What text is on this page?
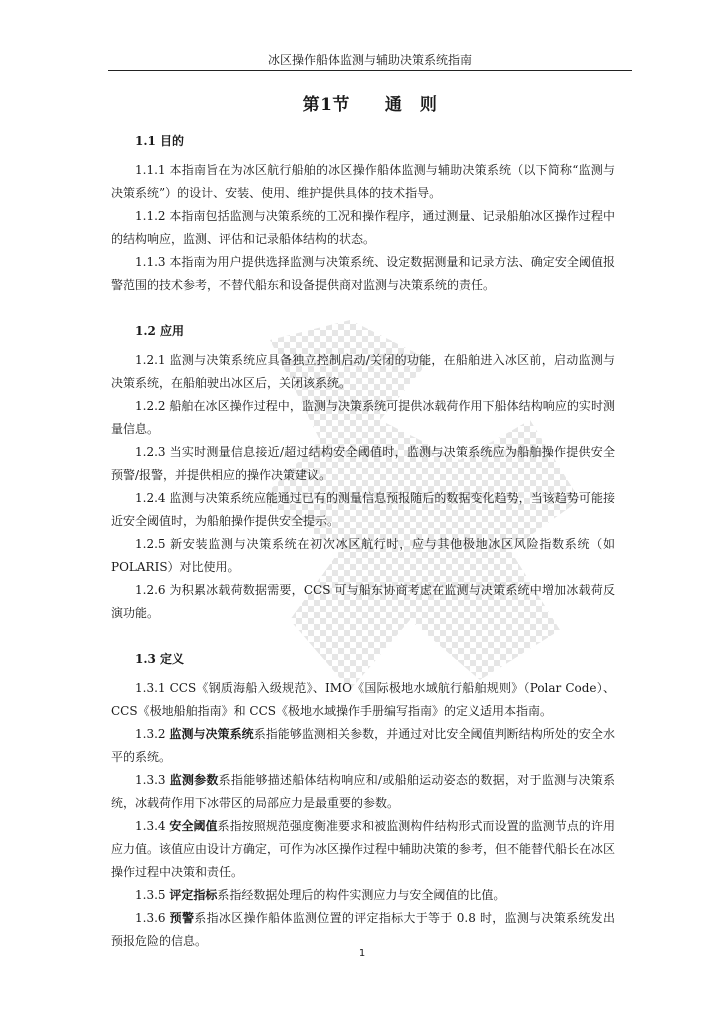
冰区操作船体监测与辅助决策系统指南
第1节　　 通　则

1.1 目的

1.1.1 本指南旨在为冰区航行船舶的冰区操作船体监测与辅助决策系统（以下简称“监测与决策系统”）的设计、安装、使用、维护提供具体的技术指导。

1.1.2 本指南包括监测与决策系统的工况和操作程序，通过测量、记录船舶冰区操作过程中的结构响应，监测、评估和记录船体结构的状态。

1.1.3 本指南为用户提供选择监测与决策系统、设定数据测量和记录方法、确定安全阈值报警范围的技术参考，不替代船东和设备提供商对监测与决策系统的责任。

1.2 应用

1.2.1 监测与决策系统应具备独立控制启动/关闭的功能，在船舶进入冰区前，启动监测与决策系统，在船舶驶出冰区后，关闭该系统。

1.2.2 船舶在冰区操作过程中，监测与决策系统可提供冰载荷作用下船体结构响应的实时测量信息。

1.2.3 当实时测量信息接近/超过结构安全阈值时，监测与决策系统应为船舶操作提供安全预警/报警，并提供相应的操作决策建议。

1.2.4 监测与决策系统应能通过已有的测量信息预报随后的数据变化趋势，当该趋势可能接近安全阈值时，为船舶操作提供安全提示。

1.2.5 新安装监测与决策系统在初次冰区航行时，应与其他极地冰区风险指数系统（如POLARIS）对比使用。

1.2.6 为积累冰载荷数据需要，CCS 可与船东协商考虑在监测与决策系统中增加冰载荷反演功能。

1.3 定义

1.3.1 CCS《钢质海船入级规范》、IMO《国际极地水域航行船舶规则》（Polar Code）、CCS《极地船舶指南》和 CCS《极地水域操作手册编写指南》的定义适用本指南。

1.3.2 监测与决策系统系指能够监测相关参数，并通过对比安全阈值判断结构所处的安全水平的系统。

1.3.3 监测参数系指能够描述船体结构响应和/或船舶运动姿态的数据，对于监测与决策系统，冰载荷作用下冰带区的局部应力是最重要的参数。

1.3.4 安全阈值系指按照规范强度衡准要求和被监测构件结构形式而设置的监测节点的许用应力值。该值应由设计方确定，可作为冰区操作过程中辅助决策的参考，但不能替代船长在冰区操作过程中决策和责任。

1.3.5 评定指标系指经数据处理后的构件实测应力与安全阈值的比值。

1.3.6 预警系指冰区操作船体监测位置的评定指标大于等于 0.8 时，监测与决策系统发出预报危险的信息。

1
